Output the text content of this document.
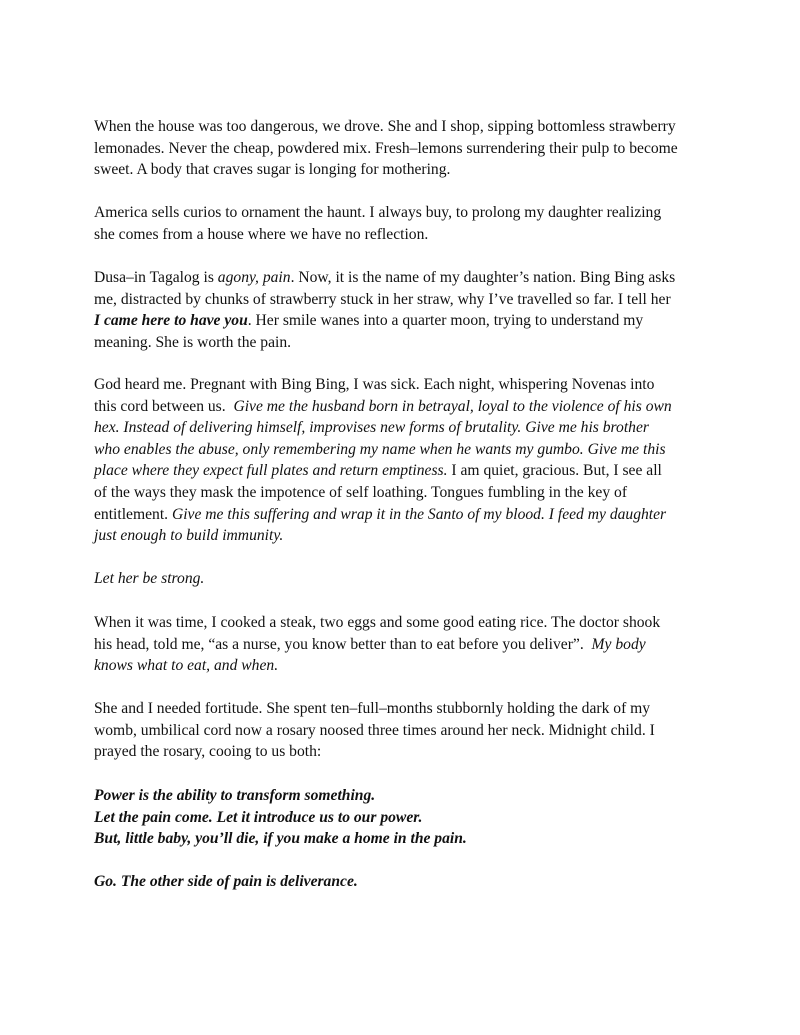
When the house was too dangerous, we drove. She and I shop, sipping bottomless strawberry
lemonades. Never the cheap, powdered mix. Fresh–lemons surrendering their pulp to become
sweet. A body that craves sugar is longing for mothering.
America sells curios to ornament the haunt. I always buy, to prolong my daughter realizing
she comes from a house where we have no reflection.
Dusa–in Tagalog is agony, pain. Now, it is the name of my daughter’s nation. Bing Bing asks
me, distracted by chunks of strawberry stuck in her straw, why I’ve travelled so far. I tell her
I came here to have you. Her smile wanes into a quarter moon, trying to understand my
meaning. She is worth the pain.
God heard me. Pregnant with Bing Bing, I was sick. Each night, whispering Novenas into
this cord between us.  Give me the husband born in betrayal, loyal to the violence of his own
hex. Instead of delivering himself, improvises new forms of brutality. Give me his brother
who enables the abuse, only remembering my name when he wants my gumbo. Give me this
place where they expect full plates and return emptiness. I am quiet, gracious. But, I see all
of the ways they mask the impotence of self loathing. Tongues fumbling in the key of
entitlement. Give me this suffering and wrap it in the Santo of my blood. I feed my daughter
just enough to build immunity.
Let her be strong.
When it was time, I cooked a steak, two eggs and some good eating rice. The doctor shook
his head, told me, “as a nurse, you know better than to eat before you deliver”.  My body
knows what to eat, and when.
She and I needed fortitude. She spent ten–full–months stubbornly holding the dark of my
womb, umbilical cord now a rosary noosed three times around her neck. Midnight child. I
prayed the rosary, cooing to us both:
Power is the ability to transform something.
Let the pain come. Let it introduce us to our power.
But, little baby, you’ll die, if you make a home in the pain.
Go. The other side of pain is deliverance.
